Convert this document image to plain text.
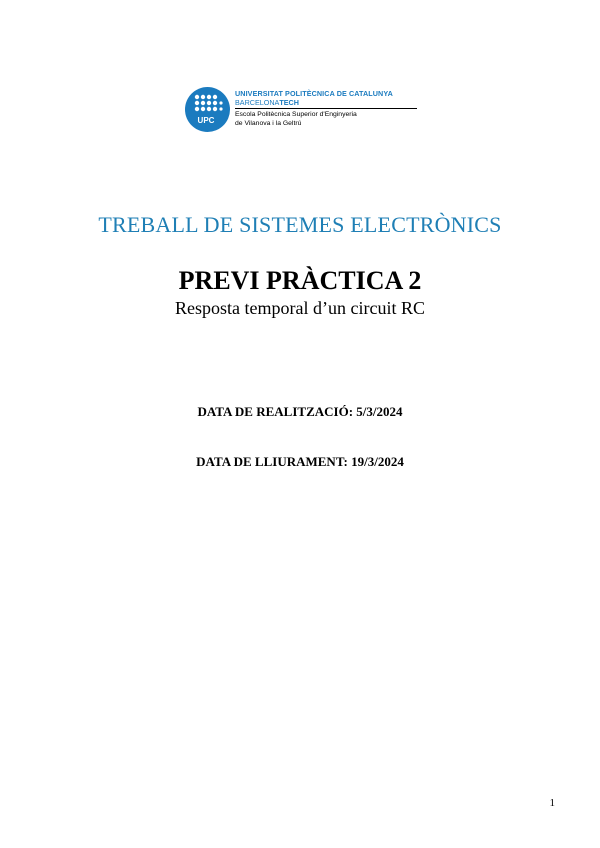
UPC
UNIVERSITAT POLITÈCNICA DE CATALUNYA
BARCELONATECH
Escola Politècnica Superior d'Enginyeria
de Vilanova i la Geltrú
TREBALL DE SISTEMES ELECTRÒNICS
PREVI PRÀCTICA 2
Resposta temporal d’un circuit RC
DATA DE REALITZACIÓ: 5/3/2024
DATA DE LLIURAMENT: 19/3/2024
1
